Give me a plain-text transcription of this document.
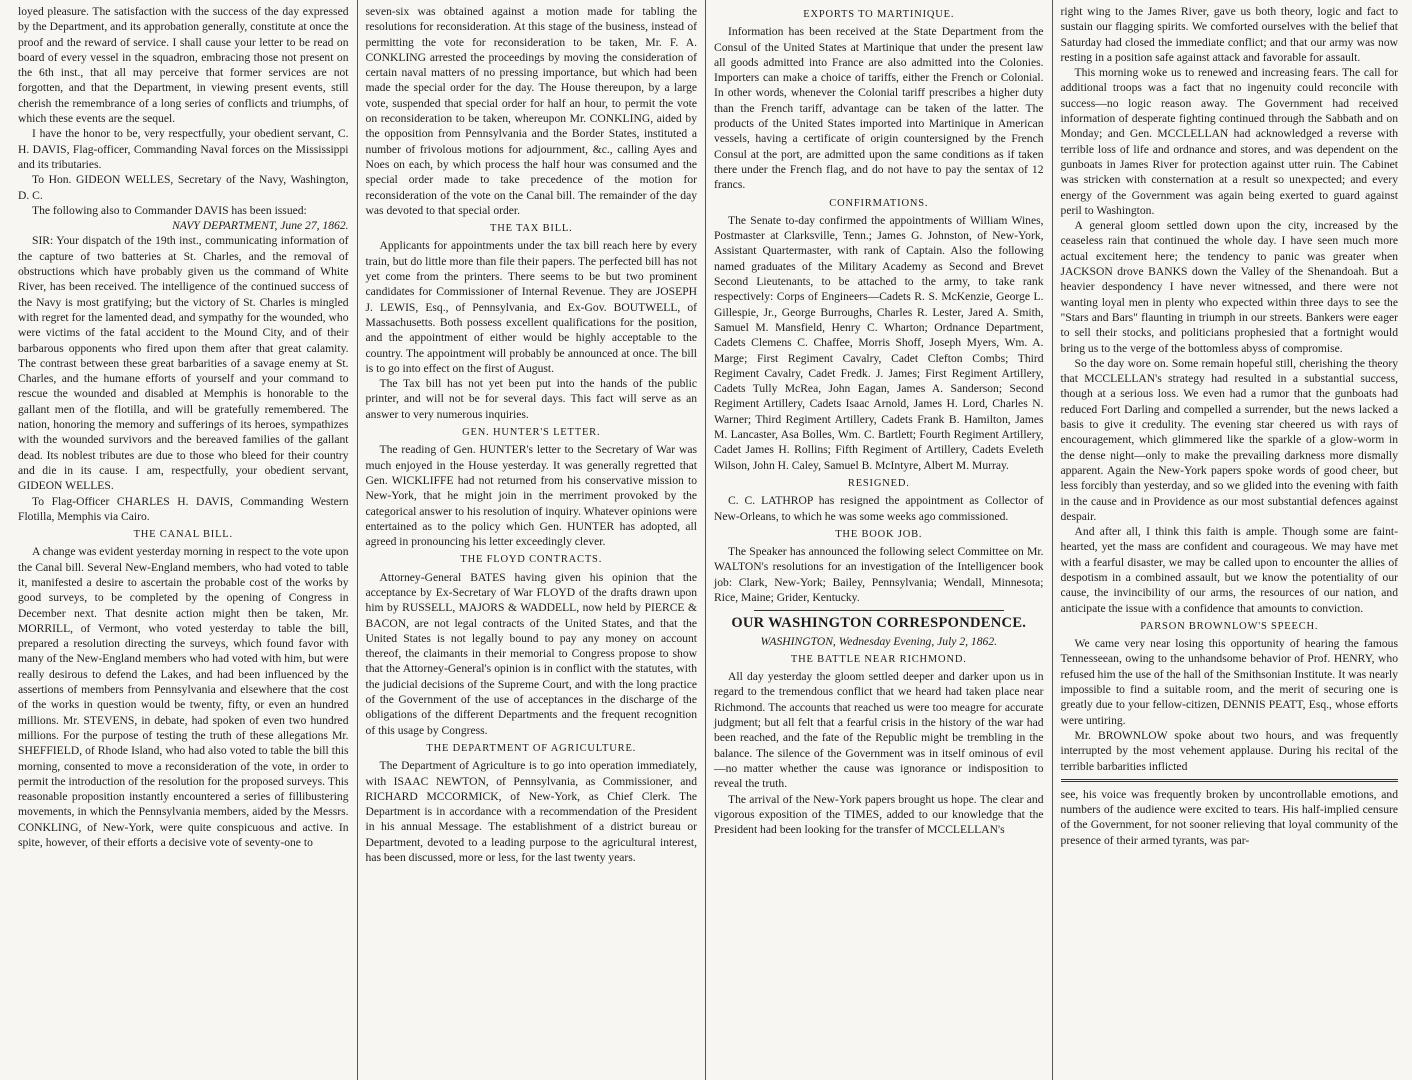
loyed pleasure. The satisfaction with the success of the day expressed by the Department, and its approbation generally, constitute at once the proof and the reward of service. I shall cause your letter to be read on board of every vessel in the squadron, embracing those not present on the 6th inst., that all may perceive that former services are not forgotten, and that the Department, in viewing present events, still cherish the remembrance of a long series of conflicts and triumphs, of which these events are the sequel.

I have the honor to be, very respectfully, your obedient servant, C. H. DAVIS, Flag-officer, Commanding Naval forces on the Mississippi and its tributaries.

To Hon. GIDEON WELLES, Secretary of the Navy, Washington, D. C.

The following also to Commander DAVIS has been issued:

NAVY DEPARTMENT, June 27, 1862.

SIR: Your dispatch of the 19th inst., communicating information of the capture of two batteries at St. Charles, and the removal of obstructions which have probably given us the command of White River, has been received. The intelligence of the continued success of the Navy is most gratifying; but the victory of St. Charles is mingled with regret for the lamented dead, and sympathy for the wounded, who were victims of the fatal accident to the Mound City, and of their barbarous opponents who fired upon them after that great calamity. The contrast between these great barbarities of a savage enemy at St. Charles, and the humane efforts of yourself and your command to rescue the wounded and disabled at Memphis is honorable to the gallant men of the flotilla, and will be gratefully remembered. The nation, honoring the memory and sufferings of its heroes, sympathizes with the wounded survivors and the bereaved families of the gallant dead. Its noblest tributes are due to those who bleed for their country and die in its cause. I am, respectfully, your obedient servant, GIDEON WELLES.

To Flag-Officer CHARLES H. DAVIS, Commanding Western Flotilla, Memphis via Cairo.

THE CANAL BILL.

A change was evident yesterday morning in respect to the vote upon the Canal bill. Several New-England members, who had voted to table it, manifested a desire to ascertain the probable cost of the works by good surveys, to be completed by the opening of Congress in December next. That desnite action might then be taken, Mr. MORRILL, of Vermont, who voted yesterday to table the bill, prepared a resolution directing the surveys, which found favor with many of the New-England members who had voted with him, but were really desirous to defend the Lakes, and had been influenced by the assertions of members from Pennsylvania and elsewhere that the cost of the works in question would be twenty, fifty, or even an hundred millions. Mr. STEVENS, in debate, had spoken of even two hundred millions. For the purpose of testing the truth of these allegations Mr. SHEFFIELD, of Rhode Island, who had also voted to table the bill this morning, consented to move a reconsideration of the vote, in order to permit the introduction of the resolution for the proposed surveys. This reasonable proposition instantly encountered a series of fillibustering movements, in which the Pennsylvania members, aided by the Messrs. CONKLING, of New-York, were quite conspicuous and active. In spite, however, of their efforts a decisive vote of seventy-one to

seven-six was obtained against a motion made for tabling the resolutions for reconsideration. At this stage of the business, instead of permitting the vote for reconsideration to be taken, Mr. F. A. CONKLING arrested the proceedings by moving the consideration of certain naval matters of no pressing importance, but which had been made the special order for the day. The House thereupon, by a large vote, suspended that special order for half an hour, to permit the vote on reconsideration to be taken, whereupon Mr. CONKLING, aided by the opposition from Pennsylvania and the Border States, instituted a number of frivolous motions for adjournment, &c., calling Ayes and Noes on each, by which process the half hour was consumed and the special order made to take precedence of the motion for reconsideration of the vote on the Canal bill. The remainder of the day was devoted to that special order.

THE TAX BILL.

Applicants for appointments under the tax bill reach here by every train, but do little more than file their papers. The perfected bill has not yet come from the printers. There seems to be but two prominent candidates for Commissioner of Internal Revenue. They are JOSEPH J. LEWIS, Esq., of Pennsylvania, and Ex-Gov. BOUTWELL, of Massachusetts. Both possess excellent qualifications for the position, and the appointment of either would be highly acceptable to the country. The appointment will probably be announced at once. The bill is to go into effect on the first of August.

The Tax bill has not yet been put into the hands of the public printer, and will not be for several days. This fact will serve as an answer to very numerous inquiries.

GEN. HUNTER'S LETTER.

The reading of Gen. HUNTER's letter to the Secretary of War was much enjoyed in the House yesterday. It was generally regretted that Gen. WICKLIFFE had not returned from his conservative mission to New-York, that he might join in the merriment provoked by the categorical answer to his resolution of inquiry. Whatever opinions were entertained as to the policy which Gen. HUNTER has adopted, all agreed in pronouncing his letter exceedingly clever.

THE FLOYD CONTRACTS.

Attorney-General BATES having given his opinion that the acceptance by Ex-Secretary of War FLOYD of the drafts drawn upon him by RUSSELL, MAJORS & WADDELL, now held by PIERCE & BACON, are not legal contracts of the United States, and that the United States is not legally bound to pay any money on account thereof, the claimants in their memorial to Congress propose to show that the Attorney-General's opinion is in conflict with the statutes, with the judicial decisions of the Supreme Court, and with the long practice of the Government of the use of acceptances in the discharge of the obligations of the different Departments and the frequent recognition of this usage by Congress.

THE DEPARTMENT OF AGRICULTURE.

The Department of Agriculture is to go into operation immediately, with ISAAC NEWTON, of Pennsylvania, as Commissioner, and RICHARD MCCORMICK, of New-York, as Chief Clerk. The Department is in accordance with a recommendation of the President in his annual Message. The establishment of a district bureau or Department, devoted to a leading purpose to the agricultural interest, has been discussed, more or less, for the last twenty years.

EXPORTS TO MARTINIQUE.

Information has been received at the State Department from the Consul of the United States at Martinique that under the present law all goods admitted into France are also admitted into the Colonies. Importers can make a choice of tariffs, either the French or Colonial. In other words, whenever the Colonial tariff prescribes a higher duty than the French tariff, advantage can be taken of the latter. The products of the United States imported into Martinique in American vessels, having a certificate of origin countersigned by the French Consul at the port, are admitted upon the same conditions as if taken there under the French flag, and do not have to pay the sentax of 12 francs.

CONFIRMATIONS.

The Senate to-day confirmed the appointments of William Wines, Postmaster at Clarksville, Tenn.; James G. Johnston, of New-York, Assistant Quartermaster, with rank of Captain. Also the following named graduates of the Military Academy as Second and Brevet Second Lieutenants, to be attached to the army, to take rank respectively: Corps of Engineers—Cadets R. S. McKenzie, George L. Gillespie, Jr., George Burroughs, Charles R. Lester, Jared A. Smith, Samuel M. Mansfield, Henry C. Wharton; Ordnance Department, Cadets Clemens C. Chaffee, Morris Shoff, Joseph Myers, Wm. A. Marge; First Regiment Cavalry, Cadet Clefton Combs; Third Regiment Cavalry, Cadet Fredk. J. James; First Regiment Artillery, Cadets Tully McRea, John Eagan, James A. Sanderson; Second Regiment Artillery, Cadets Isaac Arnold, James H. Lord, Charles N. Warner; Third Regiment Artillery, Cadets Frank B. Hamilton, James M. Lancaster, Asa Bolles, Wm. C. Bartlett; Fourth Regiment Artillery, Cadet James H. Rollins; Fifth Regiment of Artillery, Cadets Eveleth Wilson, John H. Caley, Samuel B. McIntyre, Albert M. Murray.

RESIGNED.

C. C. LATHROP has resigned the appointment as Collector of New-Orleans, to which he was some weeks ago commissioned.

THE BOOK JOB.

The Speaker has announced the following select Committee on Mr. WALTON's resolutions for an investigation of the Intelligencer book job: Clark, New-York; Bailey, Pennsylvania; Wendall, Minnesota; Rice, Maine; Grider, Kentucky.

OUR WASHINGTON CORRESPONDENCE.

WASHINGTON, Wednesday Evening, July 2, 1862.

THE BATTLE NEAR RICHMOND.

All day yesterday the gloom settled deeper and darker upon us in regard to the tremendous conflict that we heard had taken place near Richmond. The accounts that reached us were too meagre for accurate judgment; but all felt that a fearful crisis in the history of the war had been reached, and the fate of the Republic might be trembling in the balance. The silence of the Government was in itself ominous of evil—no matter whether the cause was ignorance or indisposition to reveal the truth.

The arrival of the New-York papers brought us hope. The clear and vigorous exposition of the TIMES, added to our knowledge that the President had been looking for the transfer of MCCLELLAN's

right wing to the James River, gave us both theory, logic and fact to sustain our flagging spirits. We comforted ourselves with the belief that Saturday had closed the immediate conflict; and that our army was now resting in a position safe against attack and favorable for assault.

This morning woke us to renewed and increasing fears. The call for additional troops was a fact that no ingenuity could reconcile with success—no logic reason away. The Government had received information of desperate fighting continued through the Sabbath and on Monday; and Gen. MCCLELLAN had acknowledged a reverse with terrible loss of life and ordnance and stores, and was dependent on the gunboats in James River for protection against utter ruin. The Cabinet was stricken with consternation at a result so unexpected; and every energy of the Government was again being exerted to guard against peril to Washington.

A general gloom settled down upon the city, increased by the ceaseless rain that continued the whole day. I have seen much more actual excitement here; the tendency to panic was greater when JACKSON drove BANKS down the Valley of the Shenandoah. But a heavier despondency I have never witnessed, and there were not wanting loyal men in plenty who expected within three days to see the "Stars and Bars" flaunting in triumph in our streets. Bankers were eager to sell their stocks, and politicians prophesied that a fortnight would bring us to the verge of the bottomless abyss of compromise.

So the day wore on. Some remain hopeful still, cherishing the theory that MCCLELLAN's strategy had resulted in a substantial success, though at a serious loss. We even had a rumor that the gunboats had reduced Fort Darling and compelled a surrender, but the news lacked a basis to give it credulity. The evening star cheered us with rays of encouragement, which glimmered like the sparkle of a glow-worm in the dense night—only to make the prevailing darkness more dismally apparent. Again the New-York papers spoke words of good cheer, but less forcibly than yesterday, and so we glided into the evening with faith in the cause and in Providence as our most substantial defences against despair.

And after all, I think this faith is ample. Though some are faint-hearted, yet the mass are confident and courageous. We may have met with a fearful disaster, we may be called upon to encounter the allies of despotism in a combined assault, but we know the potentiality of our cause, the invincibility of our arms, the resources of our nation, and anticipate the issue with a confidence that amounts to conviction.

PARSON BROWNLOW'S SPEECH.

We came very near losing this opportunity of hearing the famous Tennesseean, owing to the unhandsome behavior of Prof. HENRY, who refused him the use of the hall of the Smithsonian Institute. It was nearly impossible to find a suitable room, and the merit of securing one is greatly due to your fellow-citizen, DENNIS PEATT, Esq., whose efforts were untiring.

Mr. BROWNLOW spoke about two hours, and was frequently interrupted by the most vehement applause. During his recital of the terrible barbarities inflicted

see, his voice was frequently broken by uncontrollable emotions, and numbers of the audience were excited to tears. His half-implied censure of the Government, for not sooner relieving that loyal community of the presence of their armed tyrants, was par-
